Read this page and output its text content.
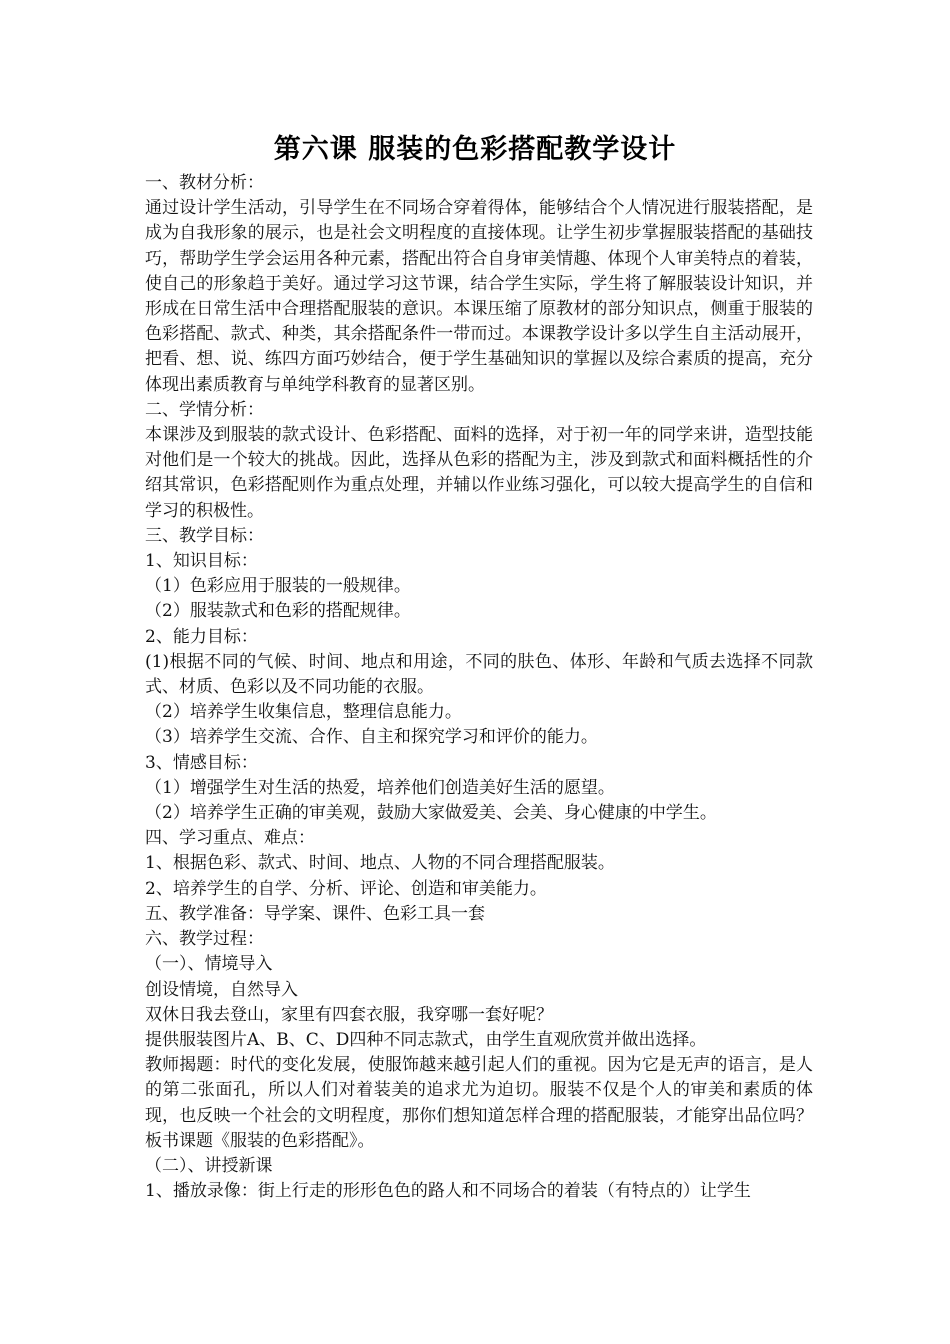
第六课 服装的色彩搭配教学设计

一、教材分析：

通过设计学生活动，引导学生在不同场合穿着得体，能够结合个人情况进行服装搭配，是成为自我形象的展示，也是社会文明程度的直接体现。让学生初步掌握服装搭配的基础技巧，帮助学生学会运用各种元素，搭配出符合自身审美情趣、体现个人审美特点的着装，使自己的形象趋于美好。通过学习这节课，结合学生实际，学生将了解服装设计知识，并形成在日常生活中合理搭配服装的意识。本课压缩了原教材的部分知识点，侧重于服装的色彩搭配、款式、种类，其余搭配条件一带而过。本课教学设计多以学生自主活动展开，把看、想、说、练四方面巧妙结合，便于学生基础知识的掌握以及综合素质的提高，充分体现出素质教育与单纯学科教育的显著区别。

二、学情分析：

本课涉及到服装的款式设计、色彩搭配、面料的选择，对于初一年的同学来讲，造型技能对他们是一个较大的挑战。因此，选择从色彩的搭配为主，涉及到款式和面料概括性的介绍其常识，色彩搭配则作为重点处理，并辅以作业练习强化，可以较大提高学生的自信和学习的积极性。

三、教学目标：

1、知识目标：

（1）色彩应用于服装的一般规律。

（2）服装款式和色彩的搭配规律。

2、能力目标：

(1)根据不同的气候、时间、地点和用途，不同的肤色、体形、年龄和气质去选择不同款式、材质、色彩以及不同功能的衣服。

（2）培养学生收集信息，整理信息能力。

（3）培养学生交流、合作、自主和探究学习和评价的能力。

3、情感目标：

（1）增强学生对生活的热爱，培养他们创造美好生活的愿望。

（2）培养学生正确的审美观，鼓励大家做爱美、会美、身心健康的中学生。

四、学习重点、难点：

1、根据色彩、款式、时间、地点、人物的不同合理搭配服装。

2、培养学生的自学、分析、评论、创造和审美能力。

五、教学准备：导学案、课件、色彩工具一套

六、教学过程：

（一）、情境导入

创设情境，自然导入

双休日我去登山，家里有四套衣服，我穿哪一套好呢？

提供服装图片A、B、C、D四种不同志款式，由学生直观欣赏并做出选择。

教师揭题：时代的变化发展，使服饰越来越引起人们的重视。因为它是无声的语言，是人的第二张面孔，所以人们对着装美的追求尤为迫切。服装不仅是个人的审美和素质的体现，也反映一个社会的文明程度，那你们想知道怎样合理的搭配服装，才能穿出品位吗？板书课题《服装的色彩搭配》。

（二）、讲授新课

1、播放录像：街上行走的形形色色的路人和不同场合的着装（有特点的）让学生
